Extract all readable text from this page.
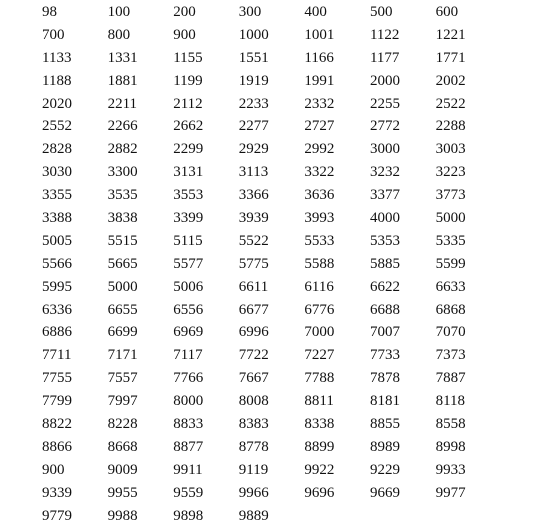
98	100	200	300	400	500	600
700	800	900	1000	1001	1122	1221
1133	1331	1155	1551	1166	1177	1771
1188	1881	1199	1919	1991	2000	2002
2020	2211	2112	2233	2332	2255	2522
2552	2266	2662	2277	2727	2772	2288
2828	2882	2299	2929	2992	3000	3003
3030	3300	3131	3113	3322	3232	3223
3355	3535	3553	3366	3636	3377	3773
3388	3838	3399	3939	3993	4000	5000
5005	5515	5115	5522	5533	5353	5335
5566	5665	5577	5775	5588	5885	5599
5995	5000	5006	6611	6116	6622	6633
6336	6655	6556	6677	6776	6688	6868
6886	6699	6969	6996	7000	7007	7070
7711	7171	7117	7722	7227	7733	7373
7755	7557	7766	7667	7788	7878	7887
7799	7997	8000	8008	8811	8181	8118
8822	8228	8833	8383	8338	8855	8558
8866	8668	8877	8778	8899	8989	8998
900	9009	9911	9119	9922	9229	9933
9339	9955	9559	9966	9696	9669	9977
9779	9988	9898	9889
